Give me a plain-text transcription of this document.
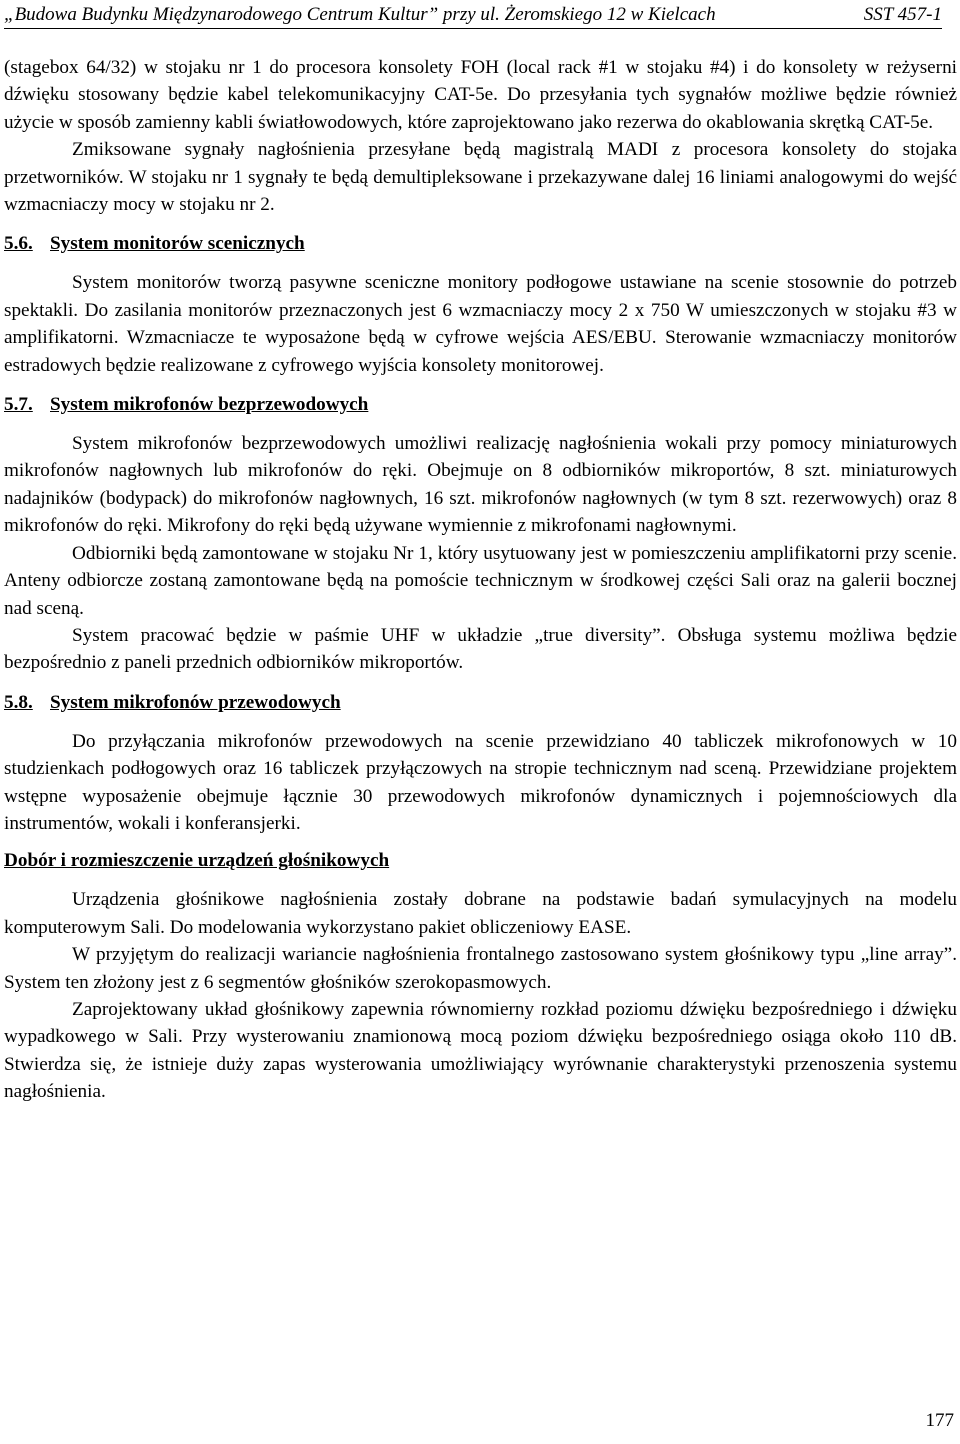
„Budowa Budynku Międzynarodowego Centrum Kultur” przy ul. Żeromskiego 12 w Kielcach	SST 457-1

(stagebox 64/32) w stojaku nr 1 do procesora konsolety FOH (local rack #1 w stojaku #4) i do konsolety w reżyserni dźwięku stosowany będzie kabel telekomunikacyjny CAT-5e. Do przesyłania tych sygnałów możliwe będzie również użycie w sposób zamienny kabli światłowodowych, które zaprojektowano jako rezerwa do okablowania skrętką CAT-5e.

Zmiksowane sygnały nagłośnienia przesyłane będą magistralą MADI z procesora konsolety do stojaka przetworników. W stojaku nr 1 sygnały te będą demultipleksowane i przekazywane dalej 16 liniami analogowymi do wejść wzmacniaczy mocy w stojaku nr 2.

5.6. System monitorów scenicznych

System monitorów tworzą pasywne sceniczne monitory podłogowe ustawiane na scenie stosownie do potrzeb spektakli. Do zasilania monitorów przeznaczonych jest 6 wzmacniaczy mocy 2 x 750 W umieszczonych w stojaku #3 w amplifikatorni. Wzmacniacze te wyposażone będą w cyfrowe wejścia AES/EBU. Sterowanie wzmacniaczy monitorów estradowych będzie realizowane z cyfrowego wyjścia konsolety monitorowej.

5.7. System mikrofonów bezprzewodowych

System mikrofonów bezprzewodowych umożliwi realizację nagłośnienia wokali przy pomocy miniaturowych mikrofonów nagłownych lub mikrofonów do ręki. Obejmuje on 8 odbiorników mikroportów, 8 szt. miniaturowych nadajników (bodypack) do mikrofonów nagłownych, 16 szt. mikrofonów nagłownych (w tym 8 szt. rezerwowych) oraz 8 mikrofonów do ręki. Mikrofony do ręki będą używane wymiennie z mikrofonami nagłownymi.

Odbiorniki będą zamontowane w stojaku Nr 1, który usytuowany jest w pomieszczeniu amplifikatorni przy scenie. Anteny odbiorcze zostaną zamontowane będą na pomoście technicznym w środkowej części Sali oraz na galerii bocznej nad sceną.

System pracować będzie w paśmie UHF w układzie „true diversity”. Obsługa systemu możliwa będzie bezpośrednio z paneli przednich odbiorników mikroportów.

5.8. System mikrofonów przewodowych

Do przyłączania mikrofonów przewodowych na scenie przewidziano 40 tabliczek mikrofonowych w 10 studzienkach podłogowych oraz 16 tabliczek przyłączowych na stropie technicznym nad sceną. Przewidziane projektem wstępne wyposażenie obejmuje łącznie 30 przewodowych mikrofonów dynamicznych i pojemnościowych dla instrumentów, wokali i konferansjerki.

Dobór i rozmieszczenie urządzeń głośnikowych

Urządzenia głośnikowe nagłośnienia zostały dobrane na podstawie badań symulacyjnych na modelu komputerowym Sali. Do modelowania wykorzystano pakiet obliczeniowy EASE.

W przyjętym do realizacji wariancie nagłośnienia frontalnego zastosowano system głośnikowy typu „line array”. System ten złożony jest z 6 segmentów głośników szerokopasmowych.

Zaprojektowany układ głośnikowy zapewnia równomierny rozkład poziomu dźwięku bezpośredniego i dźwięku wypadkowego w Sali. Przy wysterowaniu znamionową mocą poziom dźwięku bezpośredniego osiąga około 110 dB. Stwierdza się, że istnieje duży zapas wysterowania umożliwiający wyrównanie charakterystyki przenoszenia systemu nagłośnienia.

177
